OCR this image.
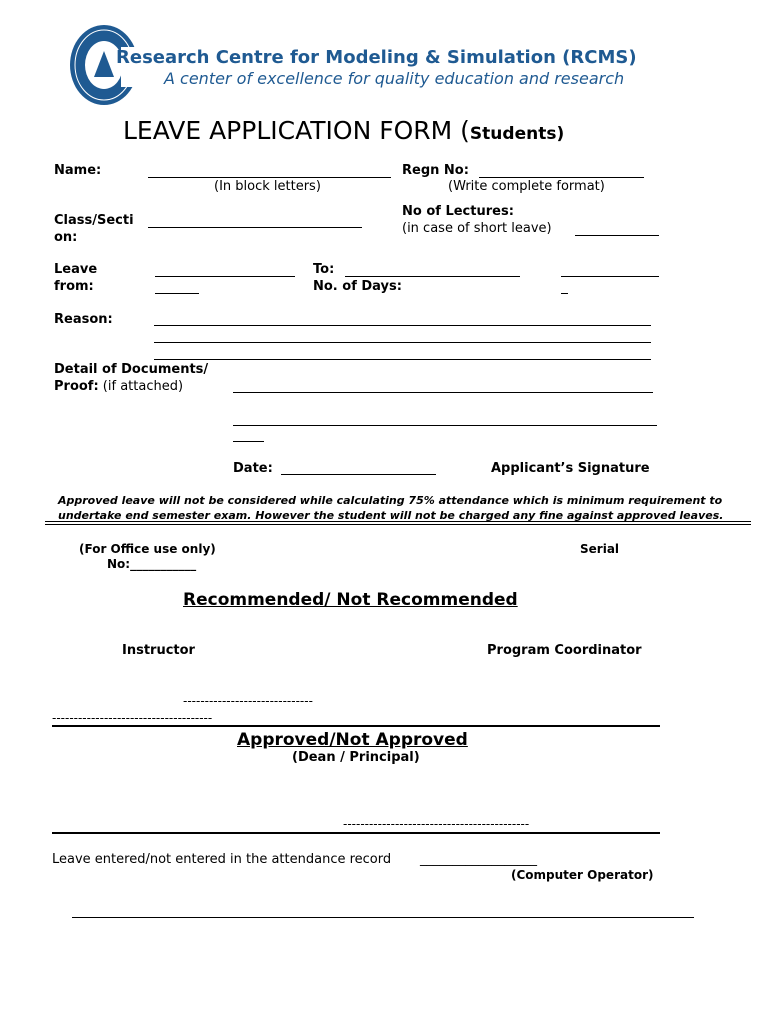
Research Centre for Modeling & Simulation (RCMS)
A center of excellence for quality education and research
LEAVE APPLICATION FORM (Students)
Name:
(In block letters)
Regn No:
(Write complete format)
Class/Secti
on:
No of Lectures:
(in case of short leave)
Leave
from:
To:
No. of Days:
Reason:
Detail of Documents/
Proof: (if attached)
Date:	Applicant’s Signature
Approved leave will not be considered while calculating 75% attendance which is minimum requirement to undertake end semester exam. However the student will not be charged any fine against approved leaves.
(For Office use only)	Serial
No:___________
Recommended/ Not Recommended
Instructor	Program Coordinator
------------------------------
-------------------------------------
Approved/Not Approved
(Dean / Principal)
-------------------------------------------
Leave entered/not entered in the attendance record __________________
(Computer Operator)
